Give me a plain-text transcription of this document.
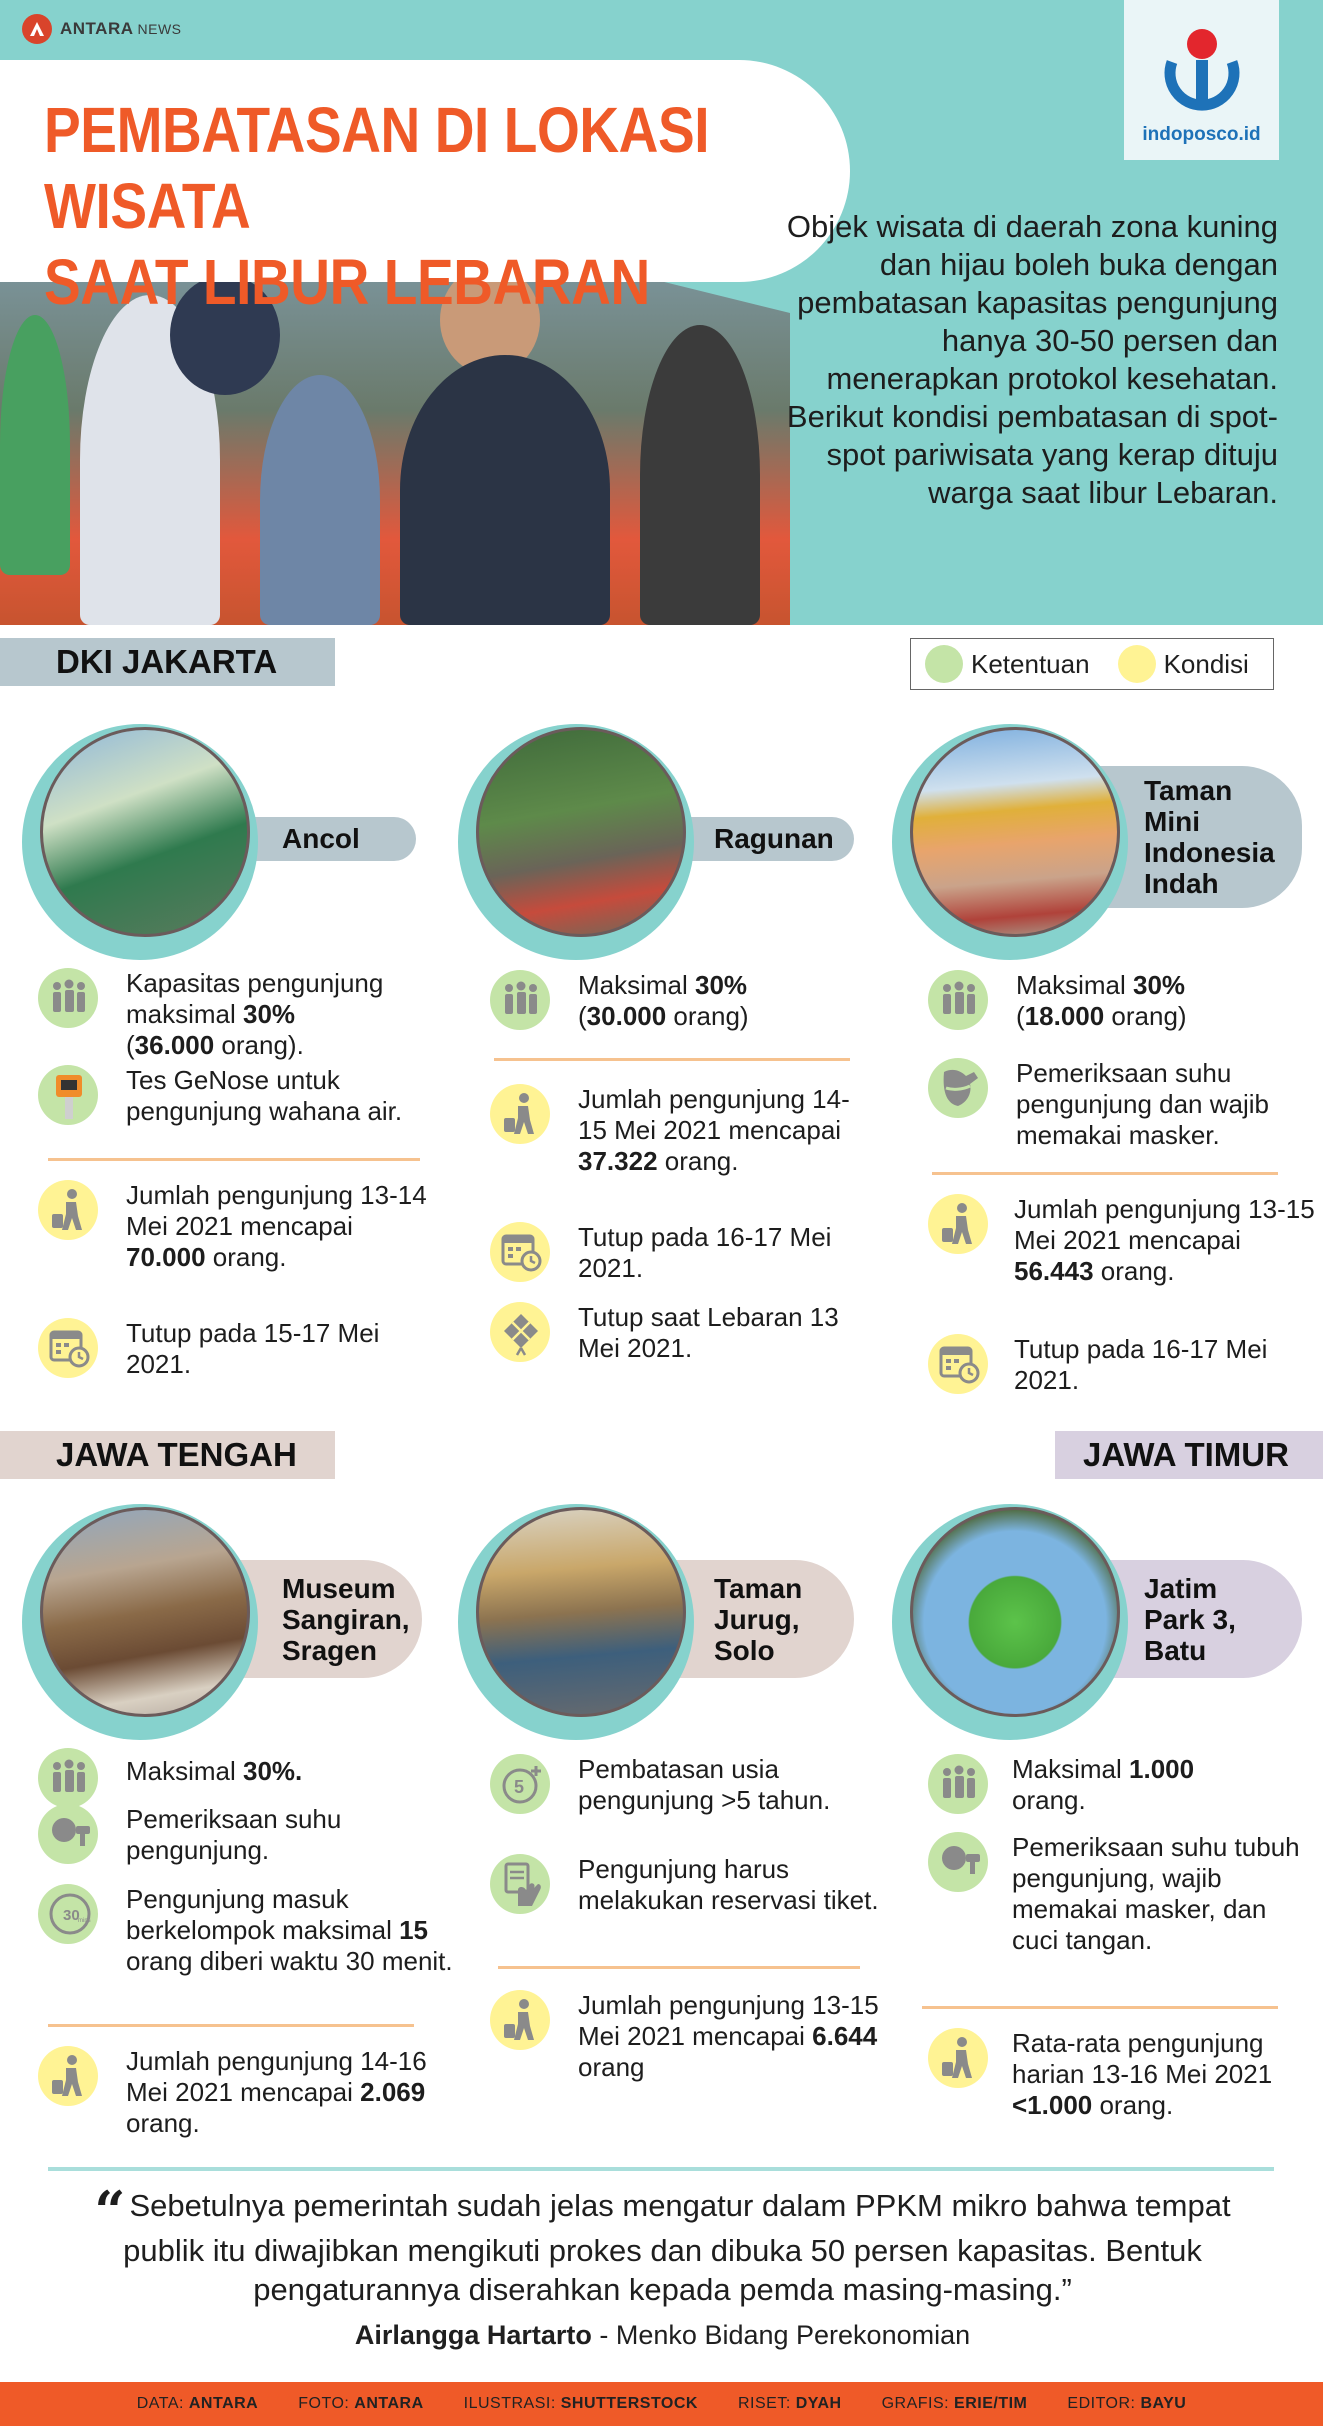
ANTARA NEWS
PEMBATASAN DI LOKASI WISATA
SAAT LIBUR LEBARAN
indoposco.id
Objek wisata di daerah zona kuning dan hijau boleh buka dengan pembatasan kapasitas pengunjung hanya 30-50 persen dan menerapkan protokol kesehatan. Berikut kondisi pembatasan di spot-spot pariwisata yang kerap dituju warga saat libur Lebaran.
DKI JAKARTA	Ketentuan	Kondisi
JAWA TENGAH	JAWA TIMUR
Ancol
Kapasitas pengunjung maksimal 30%
(36.000 orang).
Tes GeNose untuk pengunjung wahana air.
Jumlah pengunjung 13-14 Mei 2021 mencapai 70.000 orang.
Tutup pada 15-17 Mei 2021.
Ragunan
Maksimal 30%
(30.000 orang)
Jumlah pengunjung 14-15 Mei 2021 mencapai 37.322 orang.
Tutup pada 16-17 Mei 2021.
Tutup saat Lebaran 13 Mei 2021.
Taman
Mini
Indonesia
Indah
Maksimal 30%
(18.000 orang)
Pemeriksaan suhu pengunjung dan wajib memakai masker.
Jumlah pengunjung 13-15 Mei 2021 mencapai 56.443 orang.
Tutup pada 16-17 Mei 2021.
Museum
Sangiran,
Sragen
Maksimal 30%.
Pemeriksaan suhu pengunjung.
30
mins
Pengunjung masuk berkelompok maksimal 15 orang diberi waktu 30 menit.
Jumlah pengunjung 14-16 Mei 2021 mencapai 2.069 orang.
Taman
Jurug,
Solo
5
Pembatasan usia pengunjung >5 tahun.
Pengunjung harus melakukan reservasi tiket.
Jumlah pengunjung 13-15 Mei 2021 mencapai 6.644 orang
Jatim
Park 3,
Batu
Maksimal 1.000
orang.
Pemeriksaan suhu tubuh pengunjung, wajib memakai masker, dan cuci tangan.
Rata-rata pengunjung harian 13-16 Mei 2021 <1.000 orang.
“ Sebetulnya pemerintah sudah jelas mengatur dalam PPKM mikro bahwa tempat publik itu diwajibkan mengikuti prokes dan dibuka 50 persen kapasitas. Bentuk pengaturannya diserahkan kepada pemda masing-masing.”
Airlangga Hartarto - Menko Bidang Perekonomian
DATA: ANTARA	FOTO: ANTARA	ILUSTRASI: SHUTTERSTOCK	RISET: DYAH	GRAFIS: ERIE/TIM	EDITOR: BAYU
